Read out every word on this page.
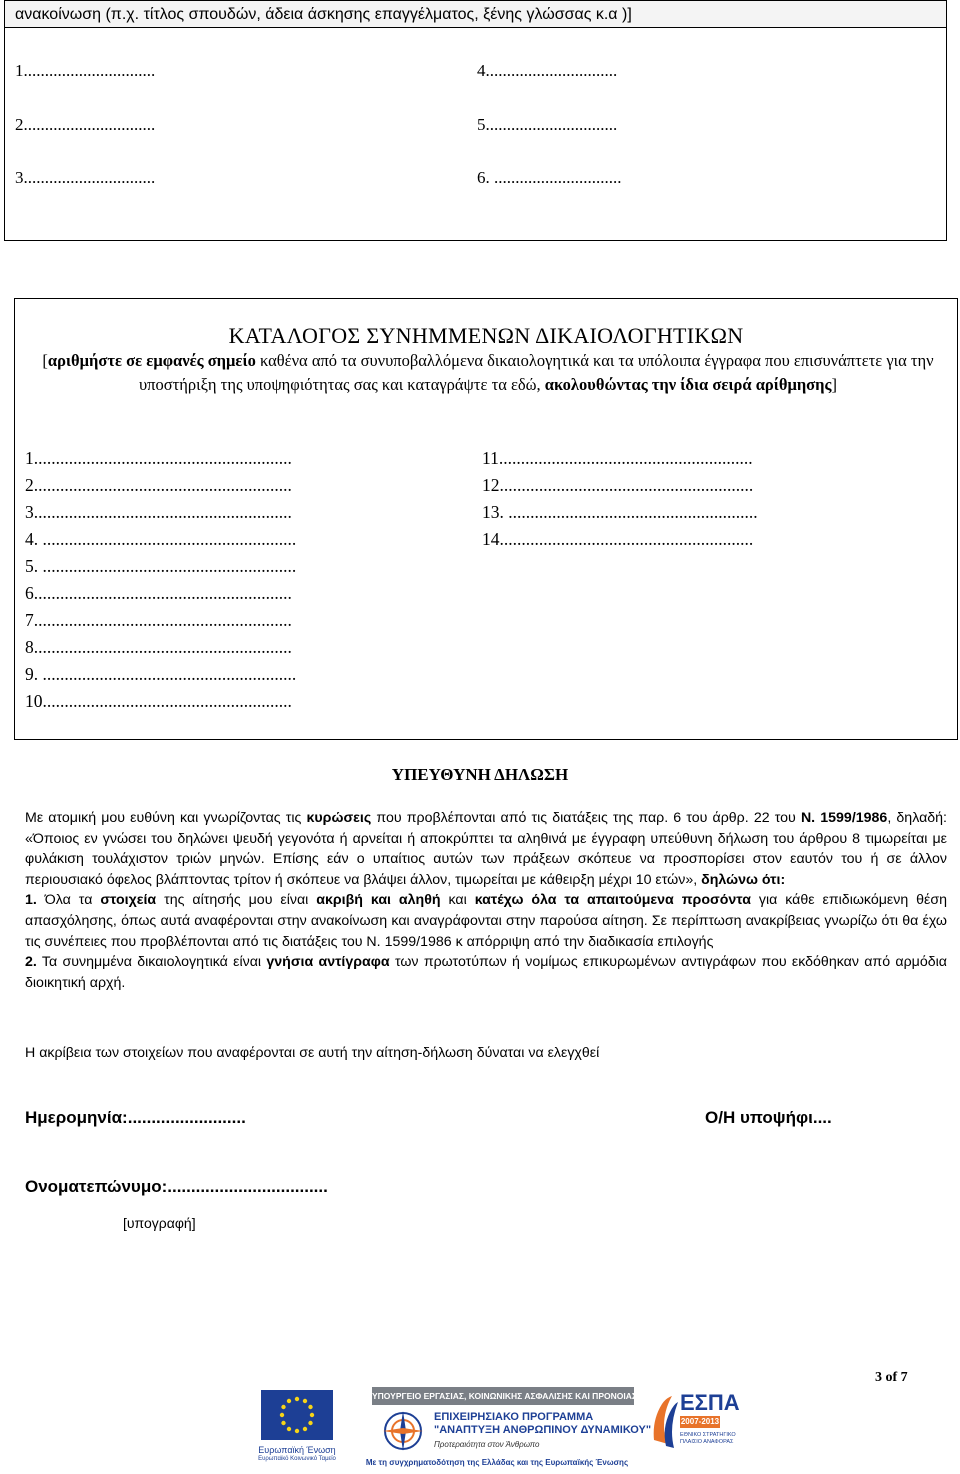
ανακοίνωση (π.χ. τίτλος σπουδών, άδεια άσκησης επαγγέλματος, ξένης γλώσσας κ.α )]
1...............................
2...............................
3...............................
4...............................
5...............................
6. ..............................
ΚΑΤΑΛΟΓΟΣ ΣΥΝΗΜΜΕΝΩΝ ΔΙΚΑΙΟΛΟΓΗΤΙΚΩΝ
[αριθμήστε σε εμφανές σημείο καθένα από τα συνυποβαλλόμενα δικαιολογητικά και τα υπόλοιπα έγγραφα που επισυνάπτετε για την υποστήριξη της υποψηφιότητας σας και καταγράψτε τα εδώ, ακολουθώντας την ίδια σειρά αρίθμησης]
1...........................................................
2...........................................................
3...........................................................
4. ..........................................................
5. ..........................................................
6...........................................................
7...........................................................
8...........................................................
9. ..........................................................
10.........................................................
11..........................................................
12..........................................................
13. .........................................................
14..........................................................
ΥΠΕΥΘΥΝΗ ΔΗΛΩΣΗ

Με ατομική μου ευθύνη και γνωρίζοντας τις κυρώσεις που προβλέπονται από τις διατάξεις της παρ. 6 του άρθρ. 22 του Ν. 1599/1986, δηλαδή: «Όποιος εν γνώσει του δηλώνει ψευδή γεγονότα ή αρνείται ή αποκρύπτει τα αληθινά με έγγραφη υπεύθυνη δήλωση του άρθρου 8 τιμωρείται με φυλάκιση τουλάχιστον τριών μηνών. Επίσης εάν ο υπαίτιος αυτών των πράξεων σκόπευε να προσπορίσει στον εαυτόν του ή σε άλλον περιουσιακό όφελος βλάπτοντας τρίτον ή σκόπευε να βλάψει άλλον, τιμωρείται με κάθειρξη μέχρι 10 ετών», δηλώνω ότι:

1. Όλα τα στοιχεία της αίτησής μου είναι ακριβή και αληθή και κατέχω όλα τα απαιτούμενα προσόντα για κάθε επιδιωκόμενη θέση απασχόλησης, όπως αυτά αναφέρονται στην ανακοίνωση και αναγράφονται στην παρούσα αίτηση. Σε περίπτωση ανακρίβειας γνωρίζω ότι θα έχω τις συνέπειες που προβλέπονται από τις διατάξεις του Ν. 1599/1986 κ απόρριψη από την διαδικασία επιλογής

2. Τα συνημμένα δικαιολογητικά είναι γνήσια αντίγραφα των πρωτοτύπων ή νομίμως επικυρωμένων αντιγράφων που εκδόθηκαν από αρμόδια διοικητική αρχή.

Η ακρίβεια των στοιχείων που αναφέρονται σε αυτή την αίτηση-δήλωση δύναται να ελεγχθεί
Ημερομηνία:.........................	Ο/Η υποψήφι....
Ονοματεπώνυμο:..................................
[υπογραφή]
3 of 7
Ευρωπαϊκή Ένωση
Ευρωπαϊκό Κοινωνικό Ταμείο
ΥΠΟΥΡΓΕΙΟ ΕΡΓΑΣΙΑΣ, ΚΟΙΝΩΝΙΚΗΣ ΑΣΦΑΛΙΣΗΣ ΚΑΙ ΠΡΟΝΟΙΑΣ
ΕΠΙΧΕΙΡΗΣΙΑΚΟ ΠΡΟΓΡΑΜΜΑ
"ΑΝΑΠΤΥΞΗ ΑΝΘΡΩΠΙΝΟΥ ΔΥΝΑΜΙΚΟΥ"
Προτεραιότητα στον Άνθρωπο
Με τη συγχρηματοδότηση της Ελλάδας και της Ευρωπαϊκής Ένωσης
ΕΣΠΑ
2007-2013
ΕΘΝΙΚΟ ΣΤΡΑΤΗΓΙΚΟ ΠΛΑΙΣΙΟ ΑΝΑΦΟΡΑΣ
